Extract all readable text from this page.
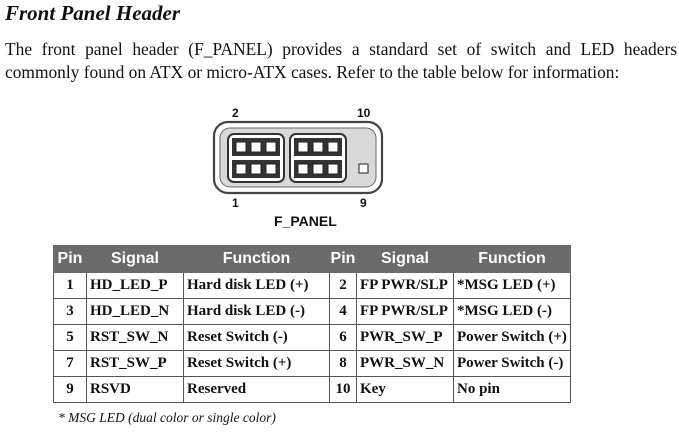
Front Panel Header

The front panel header (F_PANEL) provides a standard set of switch and LED headers commonly found on ATX or micro-ATX cases. Refer to the table below for information:

2	10
1	9
F_PANEL
Pin	Signal	Function	Pin	Signal	Function
1	HD_LED_P	Hard disk LED (+)	2	FP PWR/SLP	*MSG LED (+)
3	HD_LED_N	Hard disk LED (-)	4	FP PWR/SLP	*MSG LED (-)
5	RST_SW_N	Reset Switch (-)	6	PWR_SW_P	Power Switch (+)
7	RST_SW_P	Reset Switch (+)	8	PWR_SW_N	Power Switch (-)
9	RSVD	Reserved	10	Key	No pin

* MSG LED (dual color or single color)
